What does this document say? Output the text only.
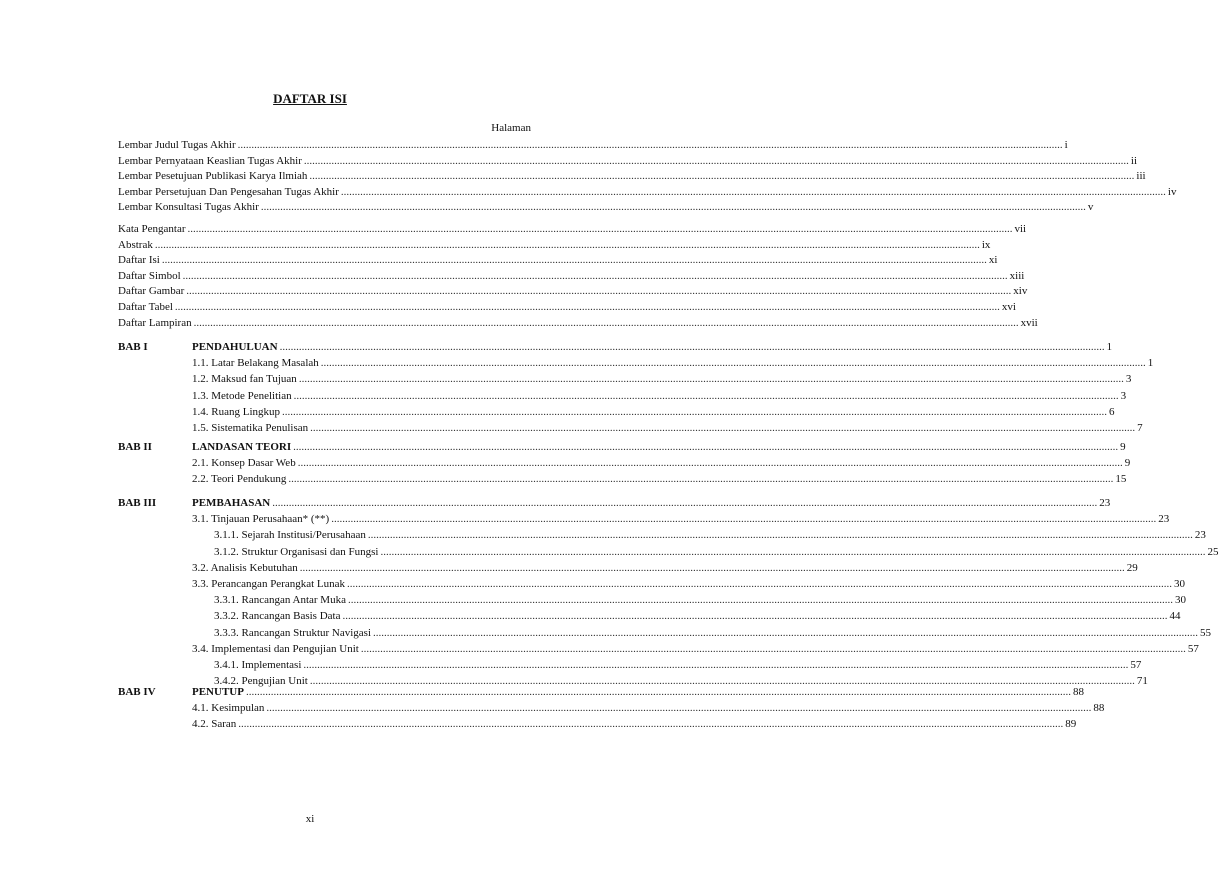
DAFTAR ISI
Halaman
Lembar Judul Tugas Akhir ............................................................................................................................................................................................................................................................................................................ i
Lembar Pernyataan Keaslian Tugas Akhir ............................................................................................................................................................................................................................................................................................................ ii
Lembar Pesetujuan Publikasi Karya Ilmiah ............................................................................................................................................................................................................................................................................................................ iii
Lembar Persetujuan Dan Pengesahan Tugas Akhir ............................................................................................................................................................................................................................................................................................................ iv
Lembar Konsultasi Tugas Akhir ............................................................................................................................................................................................................................................................................................................ v
Kata Pengantar ............................................................................................................................................................................................................................................................................................................ vii
Abstrak ............................................................................................................................................................................................................................................................................................................ ix
Daftar Isi ............................................................................................................................................................................................................................................................................................................ xi
Daftar Simbol ............................................................................................................................................................................................................................................................................................................ xiii
Daftar Gambar ............................................................................................................................................................................................................................................................................................................ xiv
Daftar Tabel ............................................................................................................................................................................................................................................................................................................ xvi
Daftar Lampiran ............................................................................................................................................................................................................................................................................................................ xvii
BAB I	PENDAHULUAN ............................................................................................................................................................................................................................................................................................................ 1
1.1. Latar Belakang Masalah ............................................................................................................................................................................................................................................................................................................ 1
1.2. Maksud fan Tujuan ............................................................................................................................................................................................................................................................................................................ 3
1.3. Metode Penelitian ............................................................................................................................................................................................................................................................................................................ 3
1.4. Ruang Lingkup ............................................................................................................................................................................................................................................................................................................ 6
1.5. Sistematika Penulisan ............................................................................................................................................................................................................................................................................................................ 7
BAB II	LANDASAN TEORI ............................................................................................................................................................................................................................................................................................................ 9
2.1. Konsep Dasar Web ............................................................................................................................................................................................................................................................................................................ 9
2.2. Teori Pendukung ............................................................................................................................................................................................................................................................................................................ 15
BAB III	PEMBAHASAN ............................................................................................................................................................................................................................................................................................................ 23
3.1. Tinjauan Perusahaan* (**) ............................................................................................................................................................................................................................................................................................................ 23
3.1.1. Sejarah Institusi/Perusahaan ............................................................................................................................................................................................................................................................................................................ 23
3.1.2. Struktur Organisasi dan Fungsi ............................................................................................................................................................................................................................................................................................................ 25
3.2. Analisis Kebutuhan ............................................................................................................................................................................................................................................................................................................ 29
3.3. Perancangan Perangkat Lunak ............................................................................................................................................................................................................................................................................................................ 30
3.3.1. Rancangan Antar Muka ............................................................................................................................................................................................................................................................................................................ 30
3.3.2. Rancangan Basis Data ............................................................................................................................................................................................................................................................................................................ 44
3.3.3. Rancangan Struktur Navigasi ............................................................................................................................................................................................................................................................................................................ 55
3.4. Implementasi dan Pengujian Unit ............................................................................................................................................................................................................................................................................................................ 57
3.4.1. Implementasi ............................................................................................................................................................................................................................................................................................................ 57
3.4.2. Pengujian Unit ............................................................................................................................................................................................................................................................................................................ 71
BAB IV	PENUTUP ............................................................................................................................................................................................................................................................................................................ 88
4.1. Kesimpulan ............................................................................................................................................................................................................................................................................................................ 88
4.2. Saran ............................................................................................................................................................................................................................................................................................................ 89
xi
